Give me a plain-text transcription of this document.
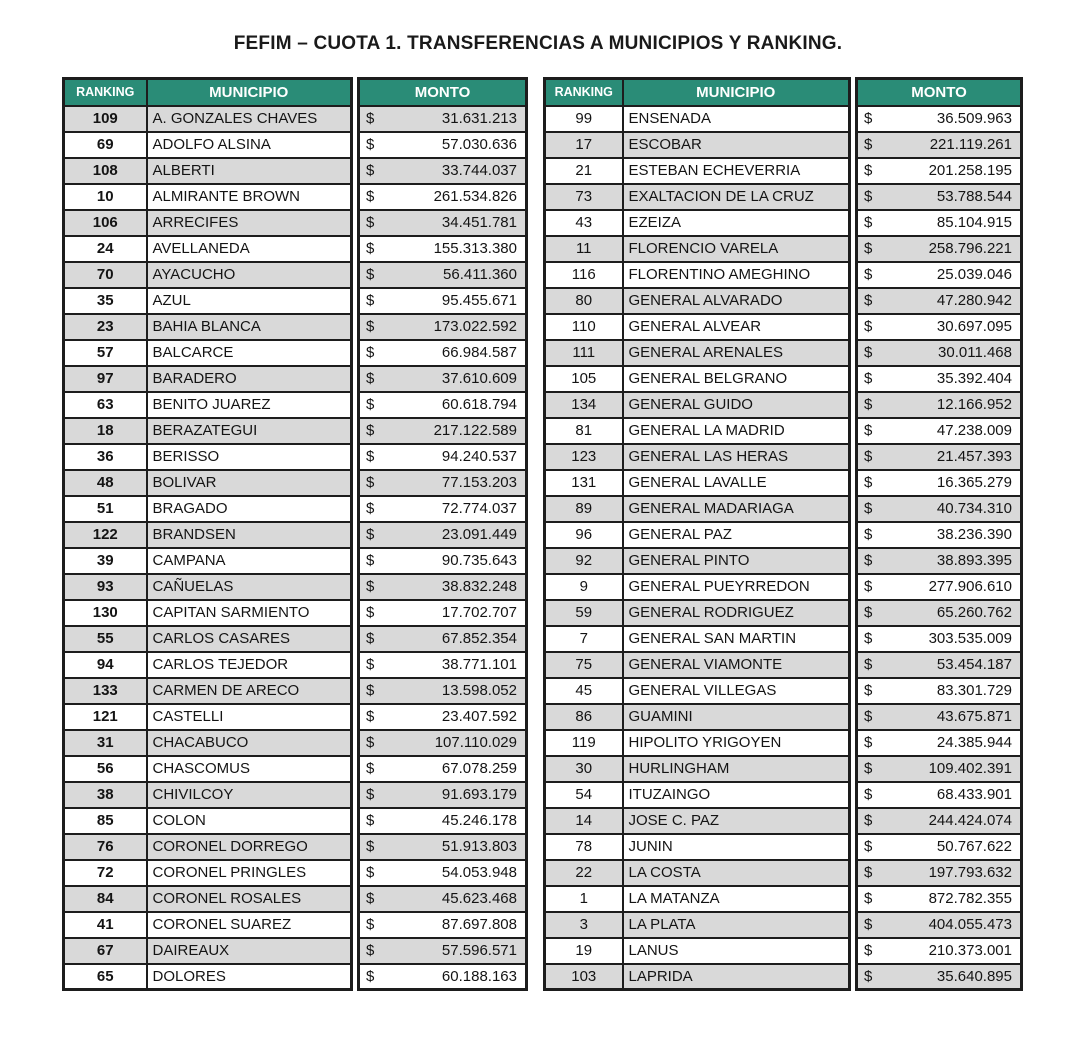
FEFIM – CUOTA 1. TRANSFERENCIAS A MUNICIPIOS Y RANKING.
RANKING	MUNICIPIO		MONTO
109	A. GONZALES CHAVES		$ 31.631.213

69	ADOLFO ALSINA		$ 57.030.636

108	ALBERTI		$ 33.744.037

10	ALMIRANTE BROWN		$ 261.534.826

106	ARRECIFES		$ 34.451.781

24	AVELLANEDA		$ 155.313.380

70	AYACUCHO		$ 56.411.360

35	AZUL		$ 95.455.671

23	BAHIA BLANCA		$ 173.022.592

57	BALCARCE		$ 66.984.587

97	BARADERO		$ 37.610.609

63	BENITO JUAREZ		$ 60.618.794

18	BERAZATEGUI		$ 217.122.589

36	BERISSO		$ 94.240.537

48	BOLIVAR		$ 77.153.203

51	BRAGADO		$ 72.774.037

122	BRANDSEN		$ 23.091.449

39	CAMPANA		$ 90.735.643

93	CAÑUELAS		$ 38.832.248

130	CAPITAN SARMIENTO		$ 17.702.707

55	CARLOS CASARES		$ 67.852.354

94	CARLOS TEJEDOR		$ 38.771.101

133	CARMEN DE ARECO		$ 13.598.052

121	CASTELLI		$ 23.407.592

31	CHACABUCO		$ 107.110.029

56	CHASCOMUS		$ 67.078.259

38	CHIVILCOY		$ 91.693.179

85	COLON		$ 45.246.178

76	CORONEL DORREGO		$ 51.913.803

72	CORONEL PRINGLES		$ 54.053.948

84	CORONEL ROSALES		$ 45.623.468

41	CORONEL SUAREZ		$ 87.697.808

67	DAIREAUX		$ 57.596.571

65	DOLORES		$ 60.188.163
RANKING	MUNICIPIO		MONTO
99	ENSENADA		$ 36.509.963

17	ESCOBAR		$ 221.119.261

21	ESTEBAN ECHEVERRIA		$ 201.258.195

73	EXALTACION DE LA CRUZ		$ 53.788.544

43	EZEIZA		$ 85.104.915

11	FLORENCIO VARELA		$ 258.796.221

116	FLORENTINO AMEGHINO		$ 25.039.046

80	GENERAL ALVARADO		$ 47.280.942

110	GENERAL ALVEAR		$ 30.697.095

111	GENERAL ARENALES		$ 30.011.468

105	GENERAL BELGRANO		$ 35.392.404

134	GENERAL GUIDO		$ 12.166.952

81	GENERAL LA MADRID		$ 47.238.009

123	GENERAL LAS HERAS		$ 21.457.393

131	GENERAL LAVALLE		$ 16.365.279

89	GENERAL MADARIAGA		$ 40.734.310

96	GENERAL PAZ		$ 38.236.390

92	GENERAL PINTO		$ 38.893.395

9	GENERAL PUEYRREDON		$ 277.906.610

59	GENERAL RODRIGUEZ		$ 65.260.762

7	GENERAL SAN MARTIN		$ 303.535.009

75	GENERAL VIAMONTE		$ 53.454.187

45	GENERAL VILLEGAS		$ 83.301.729

86	GUAMINI		$ 43.675.871

119	HIPOLITO YRIGOYEN		$ 24.385.944

30	HURLINGHAM		$ 109.402.391

54	ITUZAINGO		$ 68.433.901

14	JOSE C. PAZ		$ 244.424.074

78	JUNIN		$ 50.767.622

22	LA COSTA		$ 197.793.632

1	LA MATANZA		$ 872.782.355

3	LA PLATA		$ 404.055.473

19	LANUS		$ 210.373.001

103	LAPRIDA		$ 35.640.895
